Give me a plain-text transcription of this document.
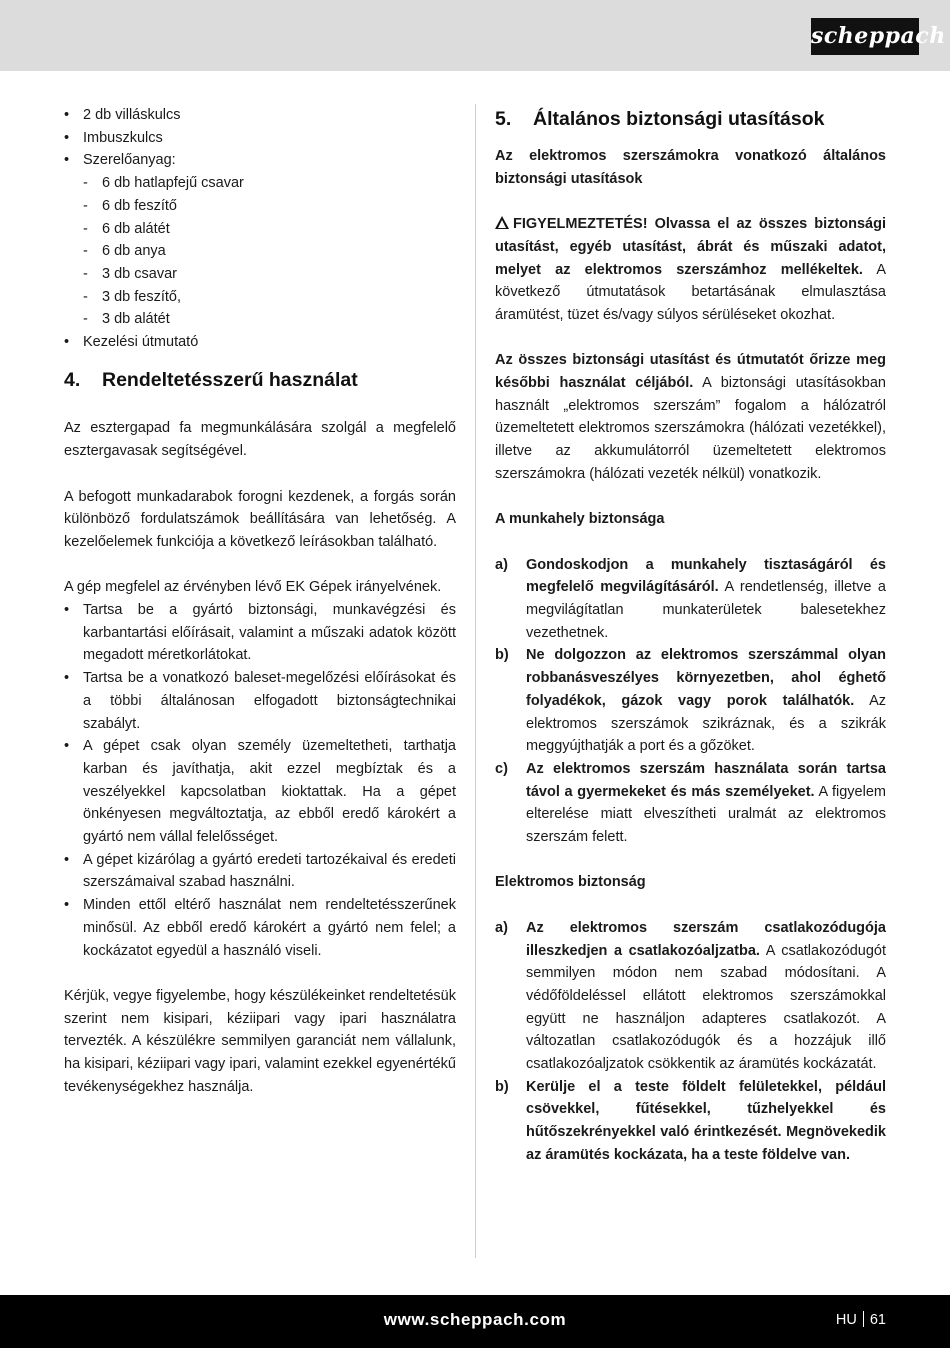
scheppach
• 2 db villáskulcs
• Imbuszkulcs
• Szerelőanyag:
- 6 db hatlapfejű csavar
- 6 db feszítő
- 6 db alátét
- 6 db anya
- 3 db csavar
- 3 db feszítő,
- 3 db alátét
• Kezelési útmutató
4. Rendeltetésszerű használat

Az esztergapad fa megmunkálására szolgál a megfelelő esztergavasak segítségével.

A befogott munkadarabok forogni kezdenek, a forgás során különböző fordulatszámok beállítására van lehetőség. A kezelőelemek funkciója a következő leírásokban található.

A gép megfelel az érvényben lévő EK Gépek irányelvének.

• Tartsa be a gyártó biztonsági, munkavégzési és karbantartási előírásait, valamint a műszaki adatok között megadott méretkorlátokat.
• Tartsa be a vonatkozó baleset-megelőzési előírásokat és a többi általánosan elfogadott biztonságtechnikai szabályt.
• A gépet csak olyan személy üzemeltetheti, tarthatja karban és javíthatja, akit ezzel megbíztak és a veszélyekkel kapcsolatban kioktattak. Ha a gépet önkényesen megváltoztatja, az ebből eredő károkért a gyártó nem vállal felelősséget.
• A gépet kizárólag a gyártó eredeti tartozékaival és eredeti szerszámaival szabad használni.
• Minden ettől eltérő használat nem rendeltetésszerűnek minősül. Az ebből eredő károkért a gyártó nem felel; a kockázatot egyedül a használó viseli.

Kérjük, vegye figyelembe, hogy készülékeinket rendeltetésük szerint nem kisipari, kéziipari vagy ipari használatra tervezték. A készülékre semmilyen garanciát nem vállalunk, ha kisipari, kéziipari vagy ipari, valamint ezekkel egyenértékű tevékenységekhez használja.

5. Általános biztonsági utasítások

Az elektromos szerszámokra vonatkozó általános biztonsági utasítások

FIGYELMEZTETÉS! Olvassa el az összes biztonsági utasítást, egyéb utasítást, ábrát és műszaki adatot, melyet az elektromos szerszámhoz mellékeltek. A következő útmutatások betartásának elmulasztása áramütést, tüzet és/vagy súlyos sérüléseket okozhat.

Az összes biztonsági utasítást és útmutatót őrizze meg későbbi használat céljából. A biztonsági utasításokban használt „elektromos szerszám” fogalom a hálózatról üzemeltetett elektromos szerszámokra (hálózati vezetékkel), illetve az akkumulátorról üzemeltetett elektromos szerszámokra (hálózati vezeték nélkül) vonatkozik.

A munkahely biztonsága

a) Gondoskodjon a munkahely tisztaságáról és megfelelő megvilágításáról. A rendetlenség, illetve a megvilágítatlan munkaterületek balesetekhez vezethetnek.
b) Ne dolgozzon az elektromos szerszámmal olyan robbanásveszélyes környezetben, ahol éghető folyadékok, gázok vagy porok találhatók. Az elektromos szerszámok szikráznak, és a szikrák meggyújthatják a port és a gőzöket.
c) Az elektromos szerszám használata során tartsa távol a gyermekeket és más személyeket. A figyelem elterelése miatt elveszítheti uralmát az elektromos szerszám felett.

Elektromos biztonság

a) Az elektromos szerszám csatlakozódugója illeszkedjen a csatlakozóaljzatba. A csatlakozódugót semmilyen módon nem szabad módosítani. A védőföldeléssel ellátott elektromos szerszámokkal együtt ne használjon adapteres csatlakozót. A változatlan csatlakozódugók és a hozzájuk illő csatlakozóaljzatok csökkentik az áramütés kockázatát.
b) Kerülje el a teste földelt felületekkel, például csövekkel, fűtésekkel, tűzhelyekkel és hűtőszekrényekkel való érintkezését. Megnövekedik az áramütés kockázata, ha a teste földelve van.
www.scheppach.com	HU 61
